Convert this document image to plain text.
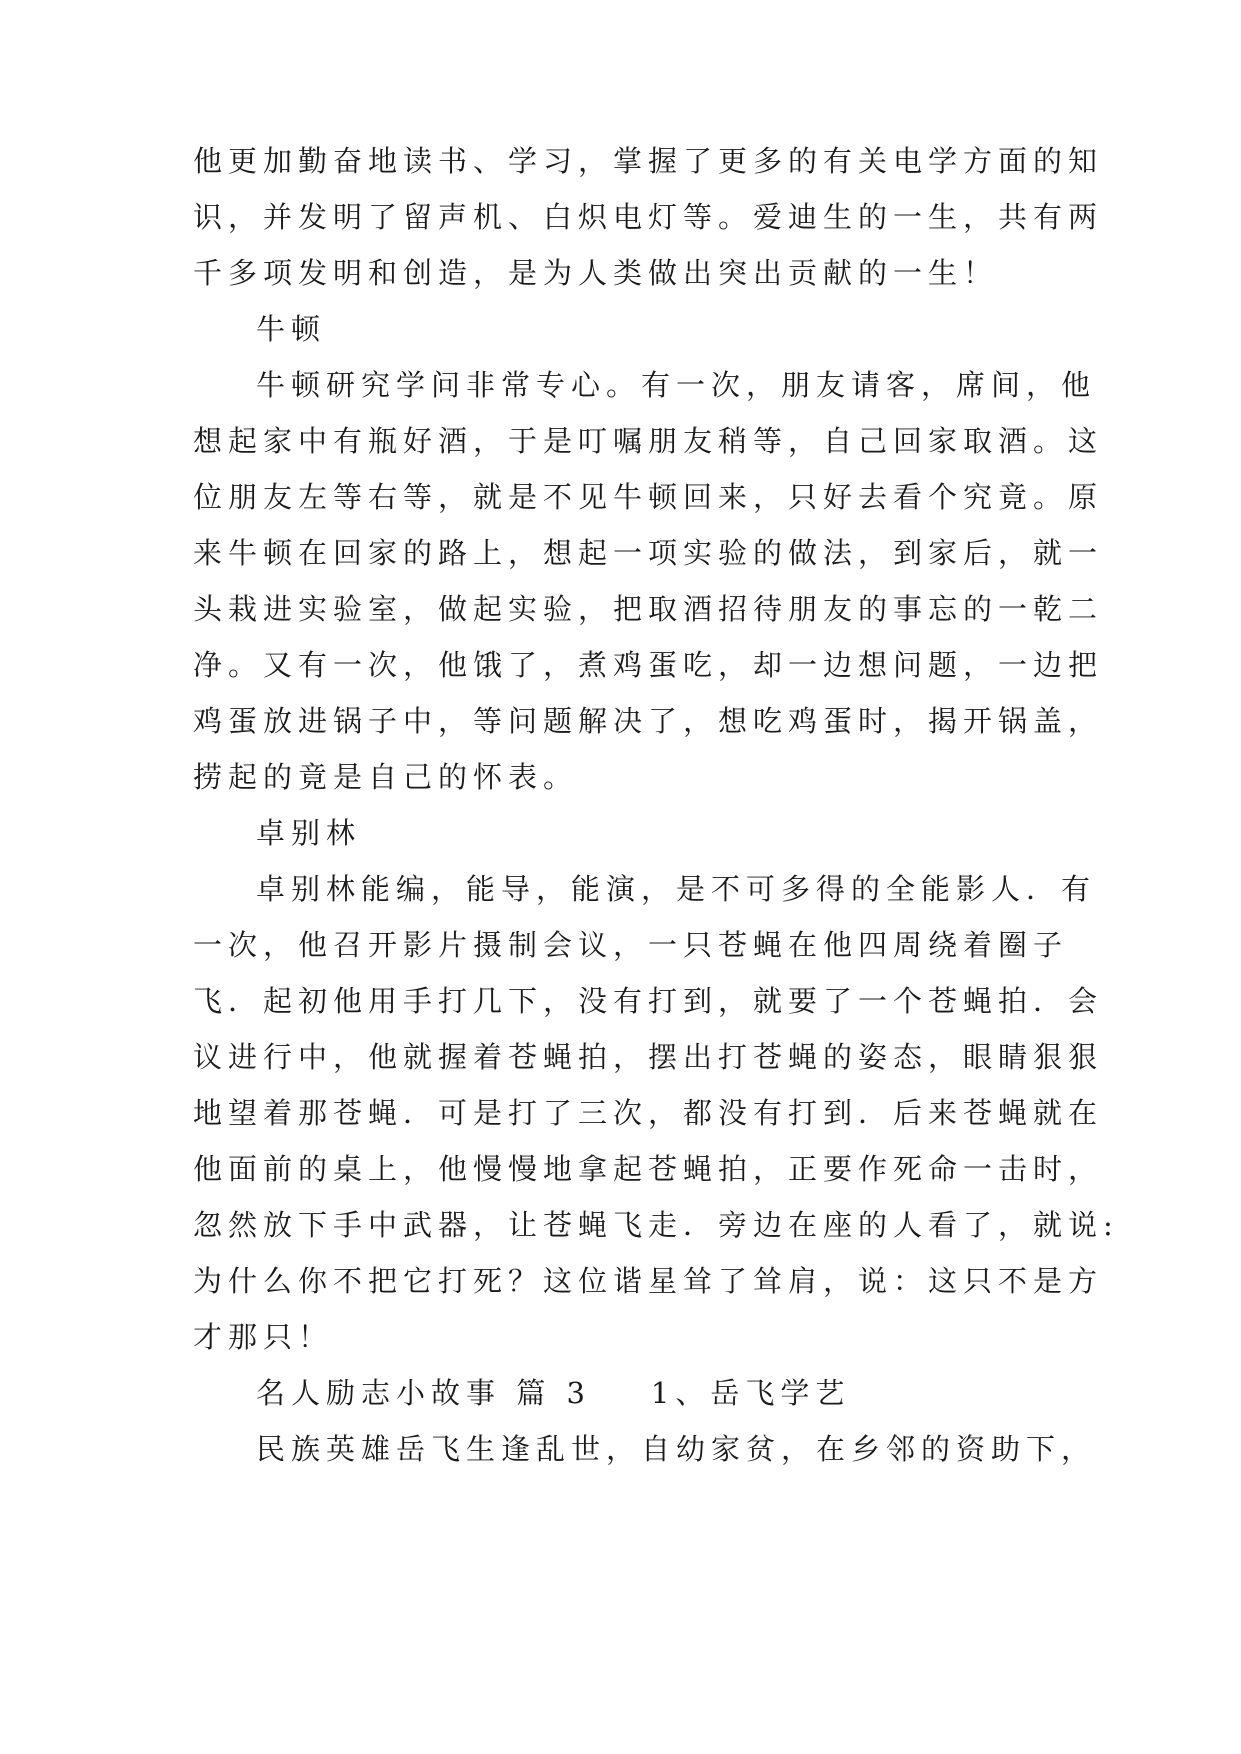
他更加勤奋地读书、学习，掌握了更多的有关电学方面的知

识，并发明了留声机、白炽电灯等。爱迪生的一生，共有两

千多项发明和创造，是为人类做出突出贡献的一生！

牛顿

牛顿研究学问非常专心。有一次，朋友请客，席间，他

想起家中有瓶好酒，于是叮嘱朋友稍等，自己回家取酒。这

位朋友左等右等，就是不见牛顿回来，只好去看个究竟。原

来牛顿在回家的路上，想起一项实验的做法，到家后，就一

头栽进实验室，做起实验，把取酒招待朋友的事忘的一乾二

净。又有一次，他饿了，煮鸡蛋吃，却一边想问题，一边把

鸡蛋放进锅子中，等问题解决了，想吃鸡蛋时，揭开锅盖，

捞起的竟是自己的怀表。

卓别林

卓别林能编，能导，能演，是不可多得的全能影人．有

一次，他召开影片摄制会议，一只苍蝇在他四周绕着圈子

飞．起初他用手打几下，没有打到，就要了一个苍蝇拍．会

议进行中，他就握着苍蝇拍，摆出打苍蝇的姿态，眼睛狠狠

地望着那苍蝇．可是打了三次，都没有打到．后来苍蝇就在

他面前的桌上，他慢慢地拿起苍蝇拍，正要作死命一击时，

忽然放下手中武器，让苍蝇飞走．旁边在座的人看了，就说:

为什么你不把它打死？这位谐星耸了耸肩，说：这只不是方

才那只！

名人励志小故事 篇 3 1、岳飞学艺

民族英雄岳飞生逢乱世，自幼家贫，在乡邻的资助下，
